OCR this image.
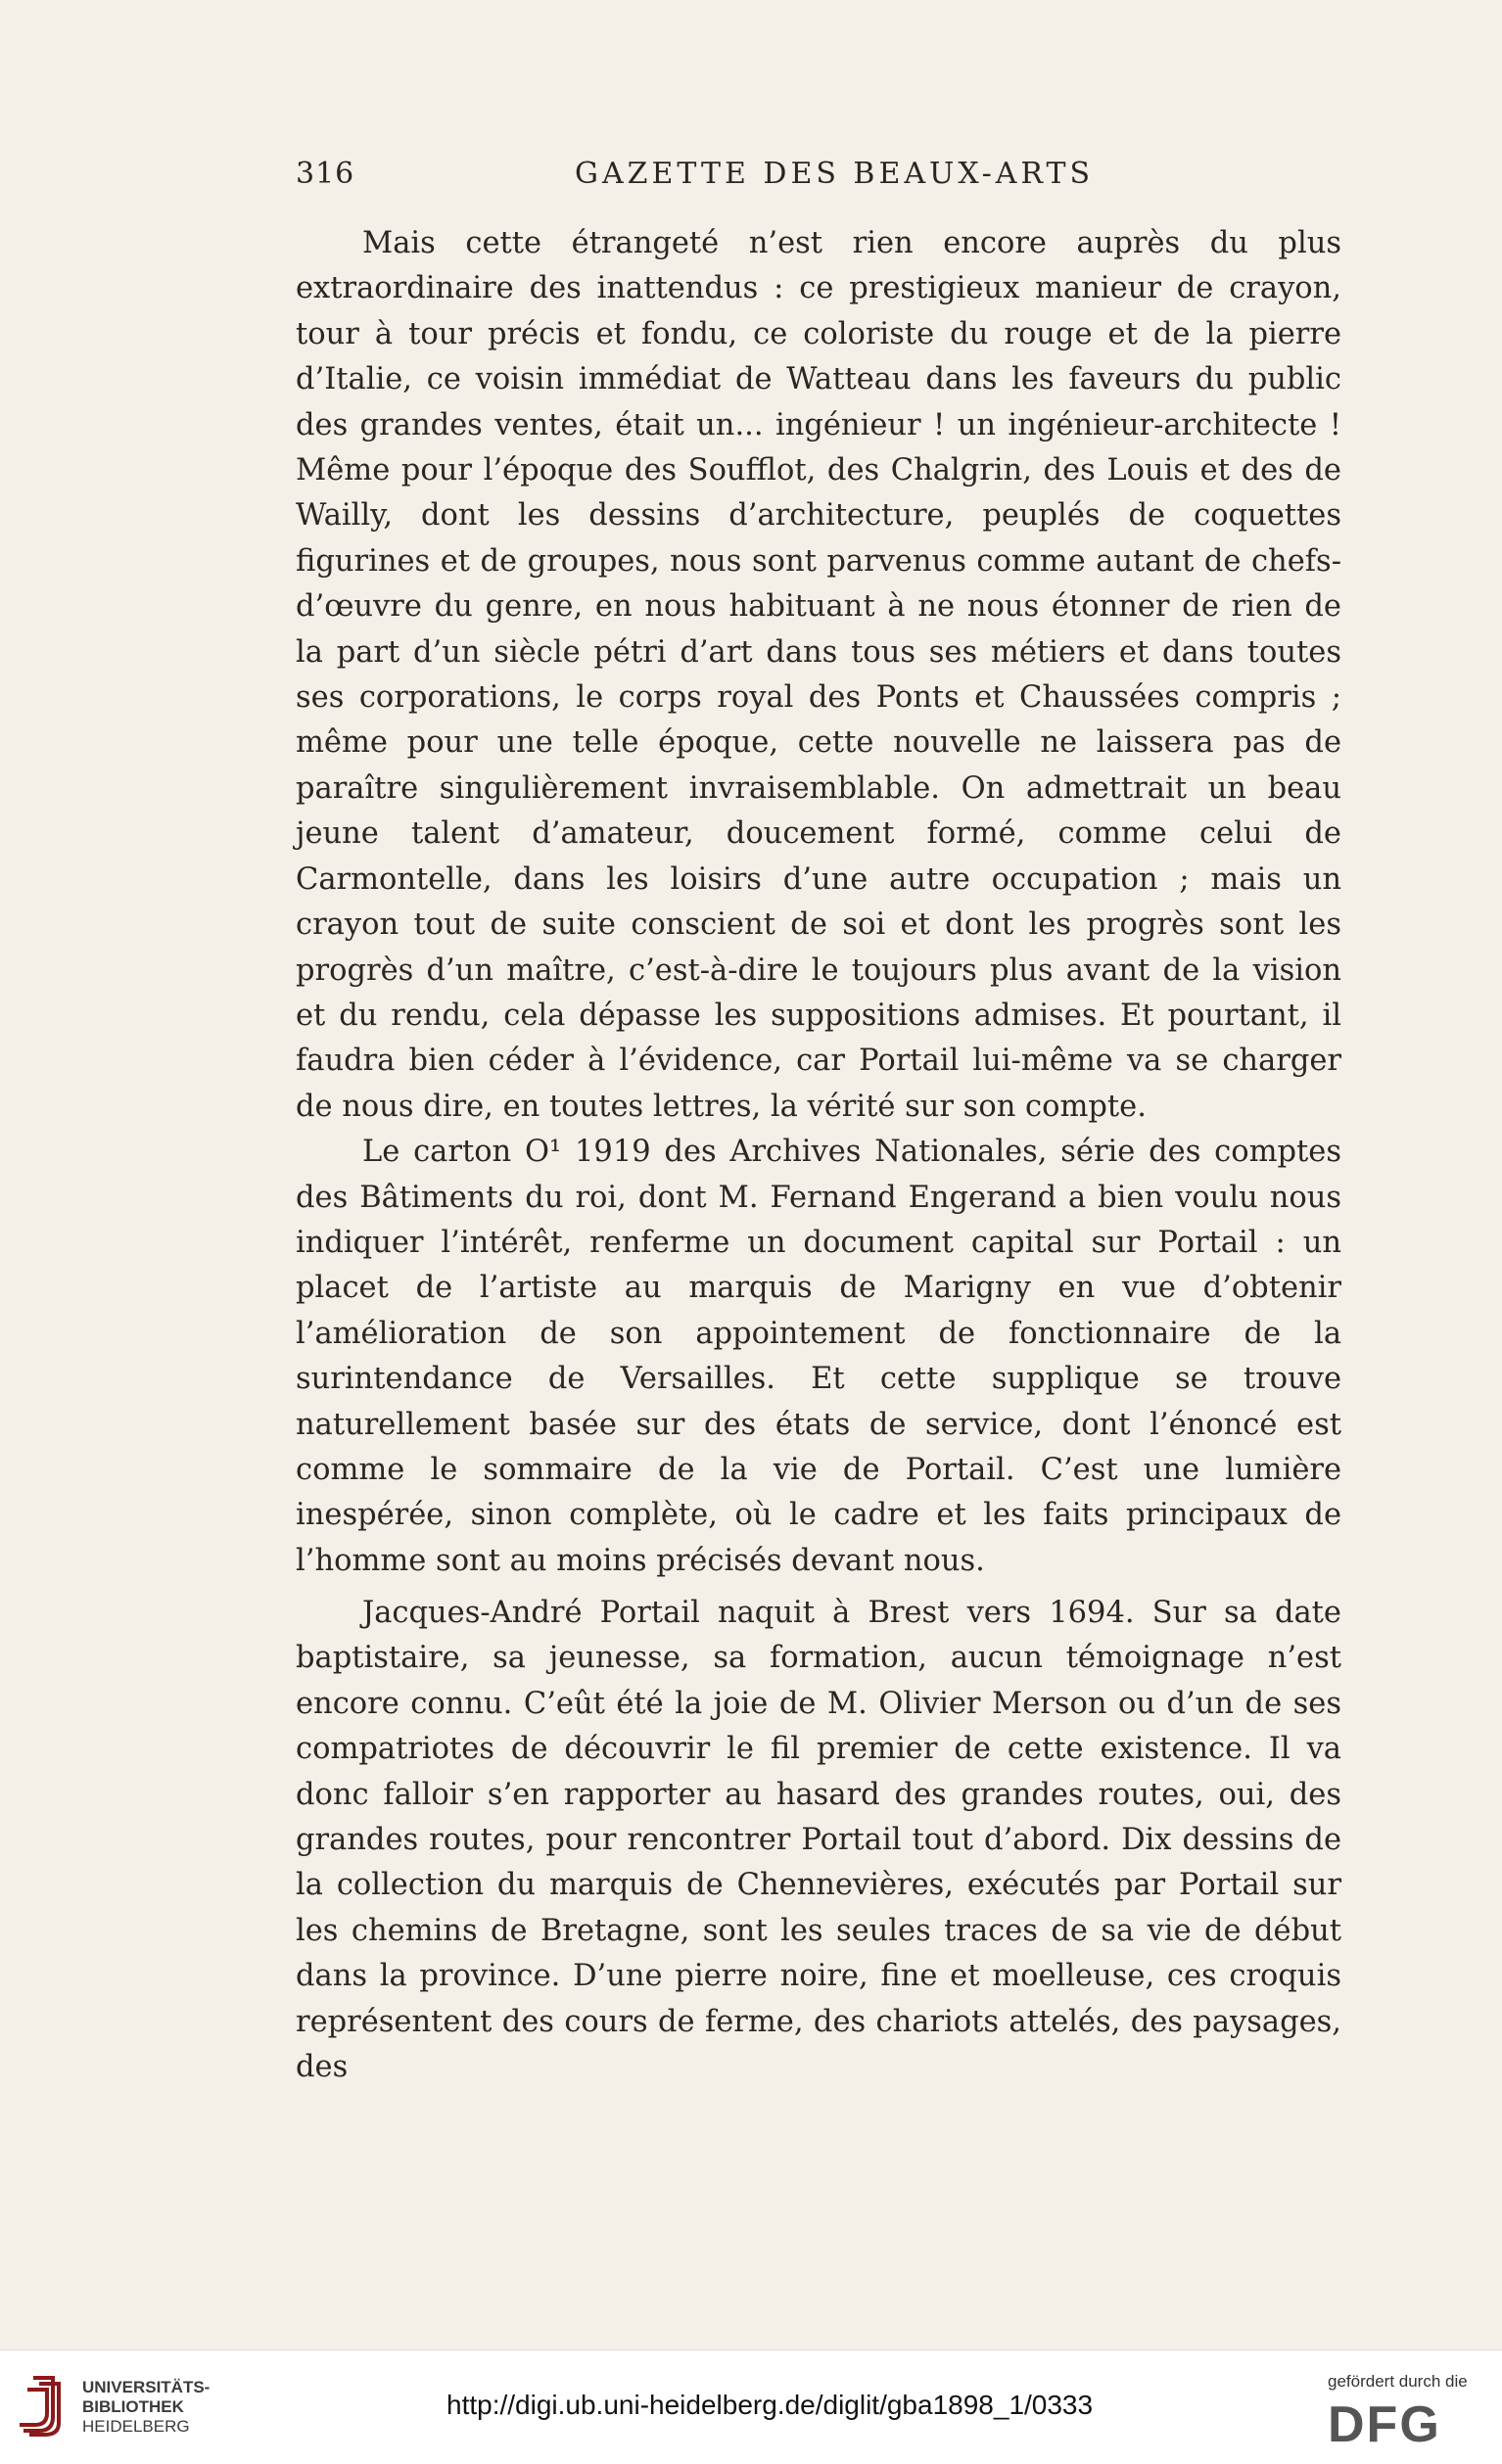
316	GAZETTE DES BEAUX-ARTS

Mais cette étrangeté n’est rien encore auprès du plus extraordinaire des inattendus : ce prestigieux manieur de crayon, tour à tour précis et fondu, ce coloriste du rouge et de la pierre d’Italie, ce voisin immédiat de Watteau dans les faveurs du public des grandes ventes, était un... ingénieur ! un ingénieur-architecte ! Même pour l’époque des Soufflot, des Chalgrin, des Louis et des de Wailly, dont les dessins d’architecture, peuplés de coquettes figurines et de groupes, nous sont parvenus comme autant de chefs-d’œuvre du genre, en nous habituant à ne nous étonner de rien de la part d’un siècle pétri d’art dans tous ses métiers et dans toutes ses corporations, le corps royal des Ponts et Chaussées compris ; même pour une telle époque, cette nouvelle ne laissera pas de paraître singulièrement invraisemblable. On admettrait un beau jeune talent d’amateur, doucement formé, comme celui de Carmontelle, dans les loisirs d’une autre occupation ; mais un crayon tout de suite conscient de soi et dont les progrès sont les progrès d’un maître, c’est-à-dire le toujours plus avant de la vision et du rendu, cela dépasse les suppositions admises. Et pourtant, il faudra bien céder à l’évidence, car Portail lui-même va se charger de nous dire, en toutes lettres, la vérité sur son compte.

Le carton O¹ 1919 des Archives Nationales, série des comptes des Bâtiments du roi, dont M. Fernand Engerand a bien voulu nous indiquer l’intérêt, renferme un document capital sur Portail : un placet de l’artiste au marquis de Marigny en vue d’obtenir l’amélioration de son appointement de fonctionnaire de la surintendance de Versailles. Et cette supplique se trouve naturellement basée sur des états de service, dont l’énoncé est comme le sommaire de la vie de Portail. C’est une lumière inespérée, sinon complète, où le cadre et les faits principaux de l’homme sont au moins précisés devant nous.

Jacques-André Portail naquit à Brest vers 1694. Sur sa date baptistaire, sa jeunesse, sa formation, aucun témoignage n’est encore connu. C’eût été la joie de M. Olivier Merson ou d’un de ses compatriotes de découvrir le fil premier de cette existence. Il va donc falloir s’en rapporter au hasard des grandes routes, oui, des grandes routes, pour rencontrer Portail tout d’abord. Dix dessins de la collection du marquis de Chennevières, exécutés par Portail sur les chemins de Bretagne, sont les seules traces de sa vie de début dans la province. D’une pierre noire, fine et moelleuse, ces croquis représentent des cours de ferme, des chariots attelés, des paysages, des

UNIVERSITÄTS-
BIBLIOTHEK
HEIDELBERG
http://digi.ub.uni-heidelberg.de/diglit/gba1898_1/0333
gefördert durch die
DFG
